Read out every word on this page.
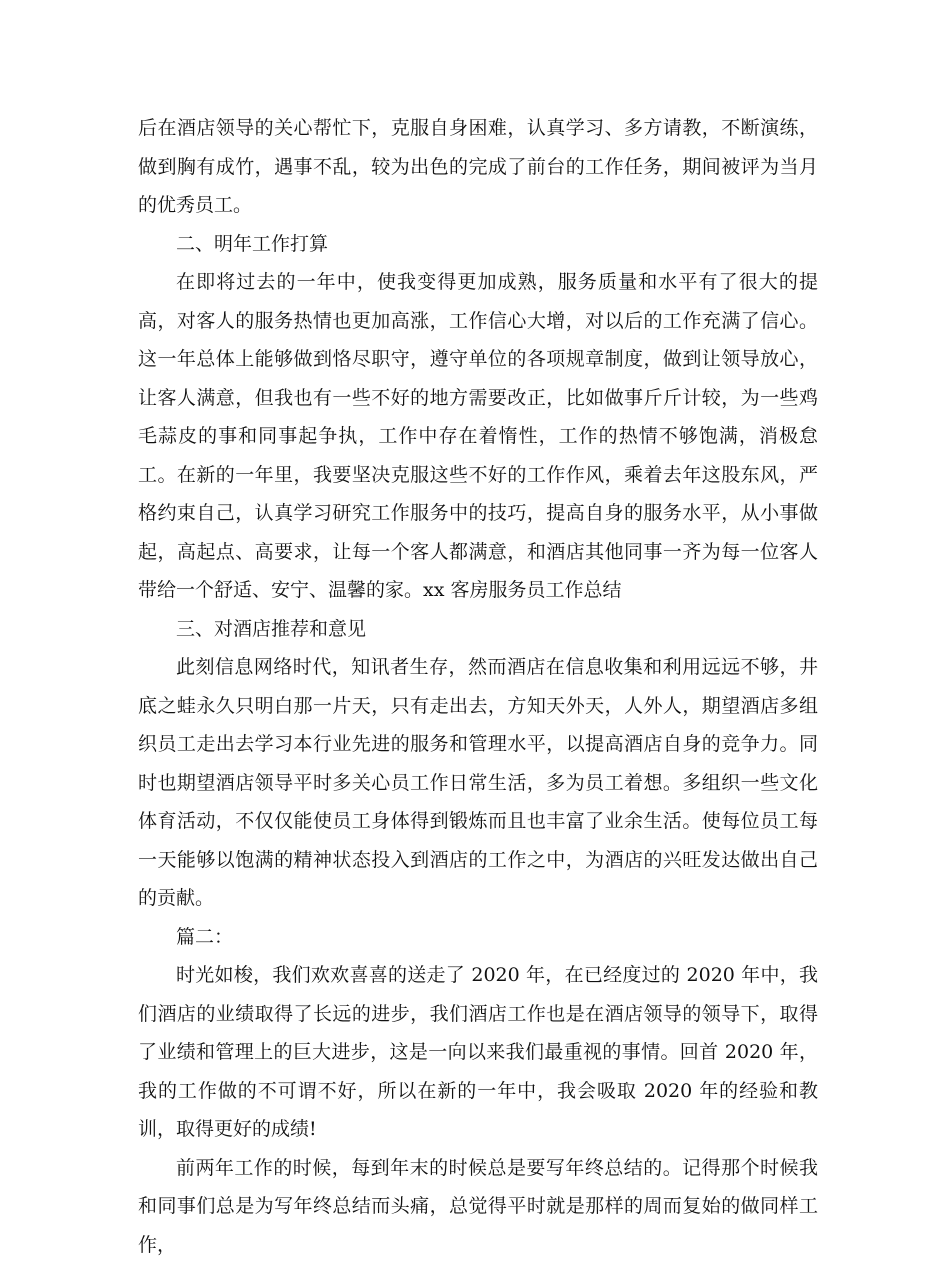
后在酒店领导的关心帮忙下，克服自身困难，认真学习、多方请教，不断演练，做到胸有成竹，遇事不乱，较为出色的完成了前台的工作任务，期间被评为当月的优秀员工。

二、明年工作打算

在即将过去的一年中，使我变得更加成熟，服务质量和水平有了很大的提高，对客人的服务热情也更加高涨，工作信心大增，对以后的工作充满了信心。这一年总体上能够做到恪尽职守，遵守单位的各项规章制度，做到让领导放心，让客人满意，但我也有一些不好的地方需要改正，比如做事斤斤计较，为一些鸡毛蒜皮的事和同事起争执，工作中存在着惰性，工作的热情不够饱满，消极怠工。在新的一年里，我要坚决克服这些不好的工作作风，乘着去年这股东风，严格约束自己，认真学习研究工作服务中的技巧，提高自身的服务水平，从小事做起，高起点、高要求，让每一个客人都满意，和酒店其他同事一齐为每一位客人带给一个舒适、安宁、温馨的家。xx 客房服务员工作总结

三、对酒店推荐和意见

此刻信息网络时代，知讯者生存，然而酒店在信息收集和利用远远不够，井底之蛙永久只明白那一片天，只有走出去，方知天外天，人外人，期望酒店多组织员工走出去学习本行业先进的服务和管理水平，以提高酒店自身的竞争力。同时也期望酒店领导平时多关心员工作日常生活，多为员工着想。多组织一些文化体育活动，不仅仅能使员工身体得到锻炼而且也丰富了业余生活。使每位员工每一天能够以饱满的精神状态投入到酒店的工作之中，为酒店的兴旺发达做出自己的贡献。

篇二：

时光如梭，我们欢欢喜喜的送走了 2020 年，在已经度过的 2020 年中，我们酒店的业绩取得了长远的进步，我们酒店工作也是在酒店领导的领导下，取得了业绩和管理上的巨大进步，这是一向以来我们最重视的事情。回首 2020 年，我的工作做的不可谓不好，所以在新的一年中，我会吸取 2020 年的经验和教训，取得更好的成绩!

前两年工作的时候，每到年末的时候总是要写年终总结的。记得那个时候我和同事们总是为写年终总结而头痛，总觉得平时就是那样的周而复始的做同样工作，
